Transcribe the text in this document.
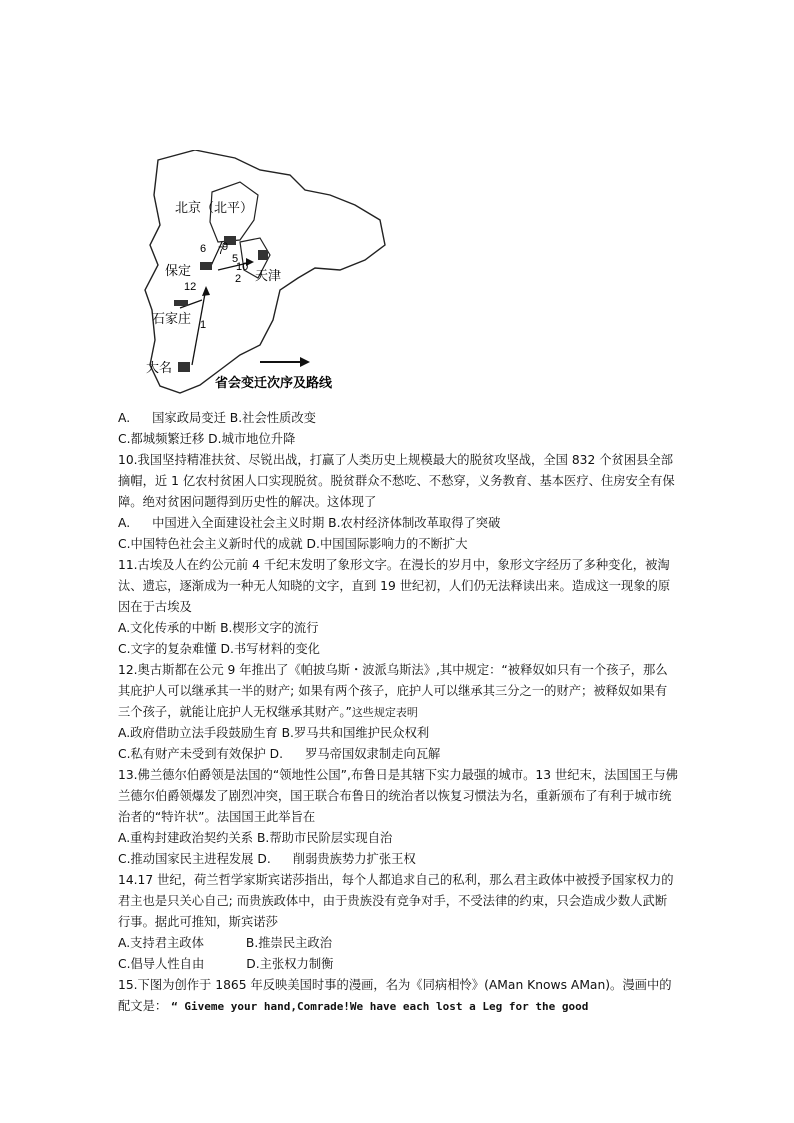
北京（北平）
保定	天津
石家庄
大名
1
2
5
6 7
9
10
12
省会变迁次序及路线
A. 国家政局变迁 B.社会性质改变
C.都城频繁迁移 D.城市地位升降
10.我国坚持精准扶贫、尽锐出战，打赢了人类历史上规模最大的脱贫攻坚战，全国 832 个贫困县全部摘帽，近 1 亿农村贫困人口实现脱贫。脱贫群众不愁吃、不愁穿，义务教育、基本医疗、住房安全有保障。绝对贫困问题得到历史性的解决。这体现了
A. 中国进入全面建设社会主义时期 B.农村经济体制改革取得了突破
C.中国特色社会主义新时代的成就 D.中国国际影响力的不断扩大
11.古埃及人在约公元前 4 千纪末发明了象形文字。在漫长的岁月中，象形文字经历了多种变化，被淘汰、遗忘，逐渐成为一种无人知晓的文字，直到 19 世纪初，人们仍无法释读出来。造成这一现象的原因在于古埃及
A.文化传承的中断 B.楔形文字的流行
C.文字的复杂难懂 D.书写材料的变化
12.奥古斯都在公元 9 年推出了《帕披乌斯・波派乌斯法》,其中规定：“被释奴如只有一个孩子，那么其庇护人可以继承其一半的财产; 如果有两个孩子，庇护人可以继承其三分之一的财产；被释奴如果有三个孩子，就能让庇护人无权继承其财产。”这些规定表明
A.政府借助立法手段鼓励生育 B.罗马共和国维护民众权利
C.私有财产未受到有效保护 D. 罗马帝国奴隶制走向瓦解
13.佛兰德尔伯爵领是法国的“领地性公国”,布鲁日是其辖下实力最强的城市。13 世纪末，法国国王与佛兰德尔伯爵领爆发了剧烈冲突，国王联合布鲁日的统治者以恢复习惯法为名，重新颁布了有利于城市统治者的“特许状”。法国国王此举旨在
A.重构封建政治契约关系 B.帮助市民阶层实现自治
C.推动国家民主进程发展 D. 削弱贵族势力扩张王权
14.17 世纪，荷兰哲学家斯宾诺莎指出，每个人都追求自己的私利，那么君主政体中被授予国家权力的君主也是只关心自己; 而贵族政体中，由于贵族没有竞争对手，不受法律的约束，只会造成少数人武断行事。据此可推知，斯宾诺莎
A.支持君主政体	B.推崇民主政治
C.倡导人性自由	D.主张权力制衡
15.下图为创作于 1865 年反映美国时事的漫画，名为《同病相怜》(AMan Knows AMan)。漫画中的配文是： “ Giveme your hand,Comrade!We have each lost a Leg for the good
